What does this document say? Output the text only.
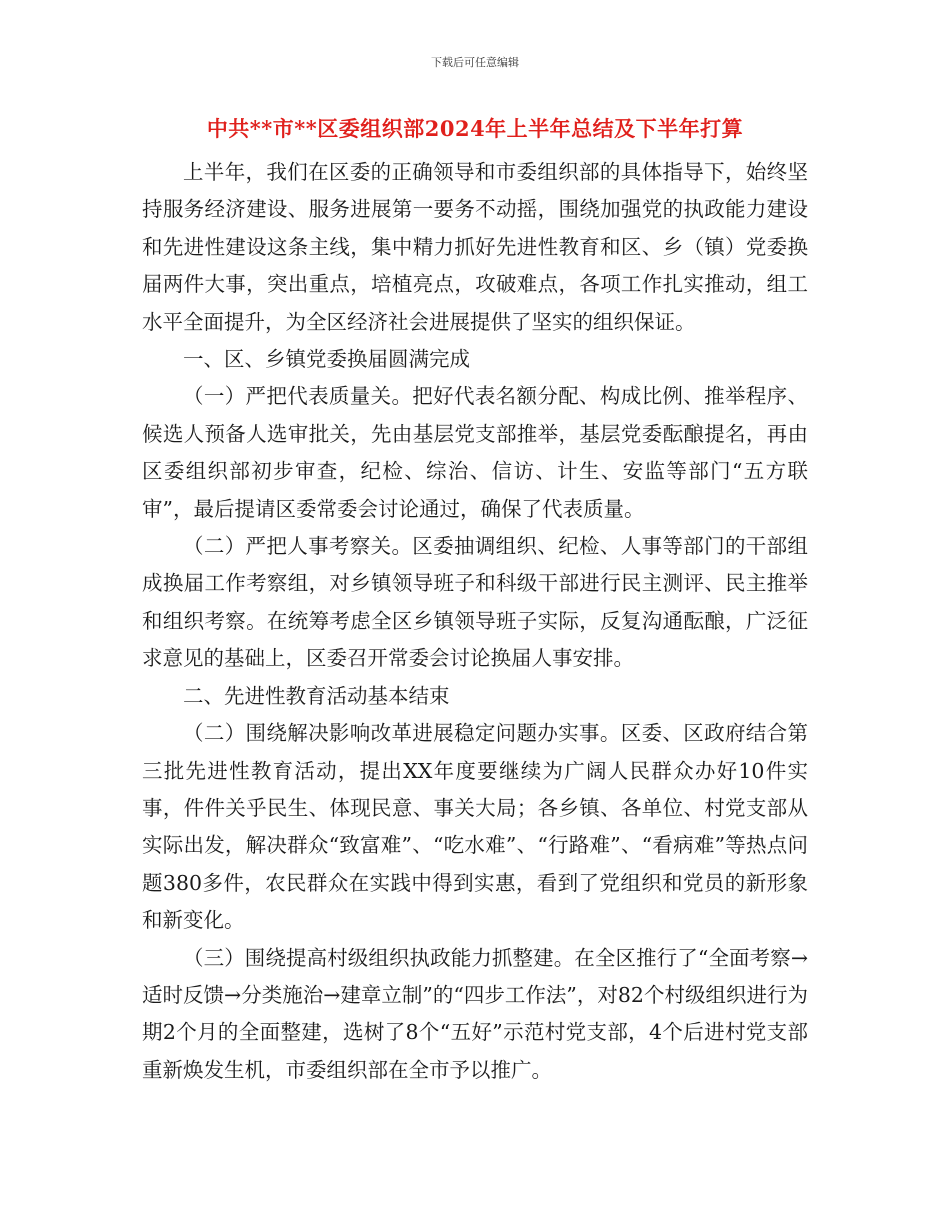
下载后可任意编辑
中共**市**区委组织部2024年上半年总结及下半年打算

上半年，我们在区委的正确领导和市委组织部的具体指导下，始终坚持服务经济建设、服务进展第一要务不动摇，围绕加强党的执政能力建设和先进性建设这条主线，集中精力抓好先进性教育和区、乡（镇）党委换届两件大事，突出重点，培植亮点，攻破难点，各项工作扎实推动，组工水平全面提升，为全区经济社会进展提供了坚实的组织保证。

一、区、乡镇党委换届圆满完成

（一）严把代表质量关。把好代表名额分配、构成比例、推举程序、候选人预备人选审批关，先由基层党支部推举，基层党委酝酿提名，再由区委组织部初步审查，纪检、综治、信访、计生、安监等部门“五方联审”，最后提请区委常委会讨论通过，确保了代表质量。

（二）严把人事考察关。区委抽调组织、纪检、人事等部门的干部组成换届工作考察组，对乡镇领导班子和科级干部进行民主测评、民主推举和组织考察。在统筹考虑全区乡镇领导班子实际，反复沟通酝酿，广泛征求意见的基础上，区委召开常委会讨论换届人事安排。

二、先进性教育活动基本结束

（二）围绕解决影响改革进展稳定问题办实事。区委、区政府结合第三批先进性教育活动，提出XX年度要继续为广阔人民群众办好10件实事，件件关乎民生、体现民意、事关大局；各乡镇、各单位、村党支部从实际出发，解决群众“致富难”、“吃水难”、“行路难”、“看病难”等热点问题380多件，农民群众在实践中得到实惠，看到了党组织和党员的新形象和新变化。

（三）围绕提高村级组织执政能力抓整建。在全区推行了“全面考察→适时反馈→分类施治→建章立制”的“四步工作法”，对82个村级组织进行为期2个月的全面整建，选树了8个“五好”示范村党支部，4个后进村党支部重新焕发生机，市委组织部在全市予以推广。
